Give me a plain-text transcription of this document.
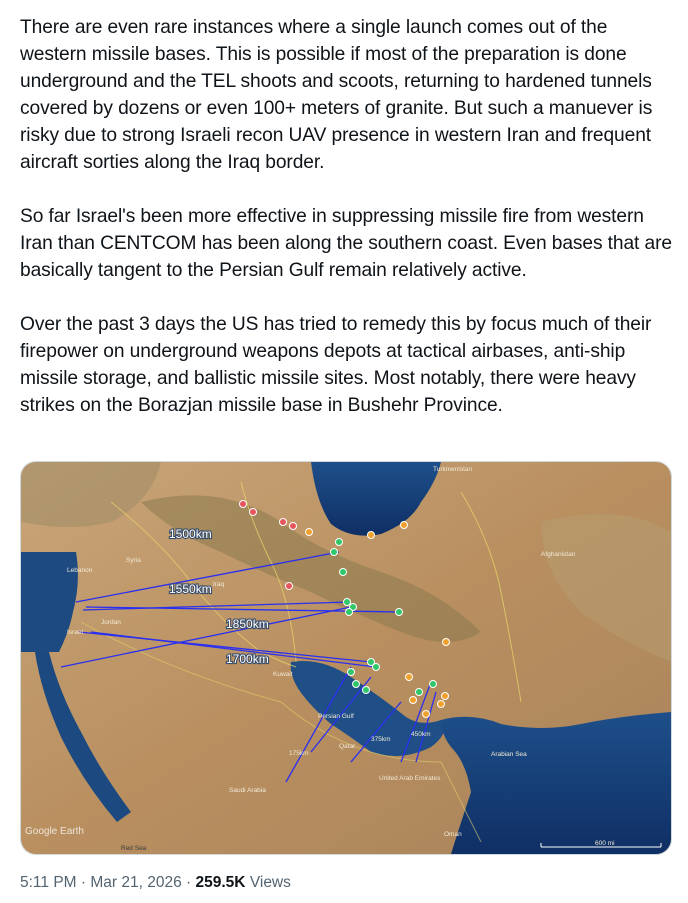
There are even rare instances where a single launch comes out of the western missile bases. This is possible if most of the preparation is done underground and the TEL shoots and scoots, returning to hardened tunnels covered by dozens or even 100+ meters of granite. But such a manuever is risky due to strong Israeli recon UAV presence in western Iran and frequent aircraft sorties along the Iraq border.

So far Israel's been more effective in suppressing missile fire from western Iran than CENTCOM has been along the southern coast. Even bases that are basically tangent to the Persian Gulf remain relatively active.

Over the past 3 days the US has tried to remedy this by focus much of their firepower on underground weapons depots at tactical airbases, anti-ship missile storage, and ballistic missile sites. Most notably, there were heavy strikes on the Borazjan missile base in Bushehr Province.

1500km
1550km
1850km
1700km
175km
375km
450km
Turkmenistan
Afghanistan
Lebanon
Syria
Israel
Jordan
Iraq
Kuwait
Persian Gulf
Qatar
United Arab Emirates
Saudi Arabia
Oman
Arabian Sea
Red Sea
Google Earth
600 mi
5:11 PM · Mar 21, 2026 · 259.5K Views
